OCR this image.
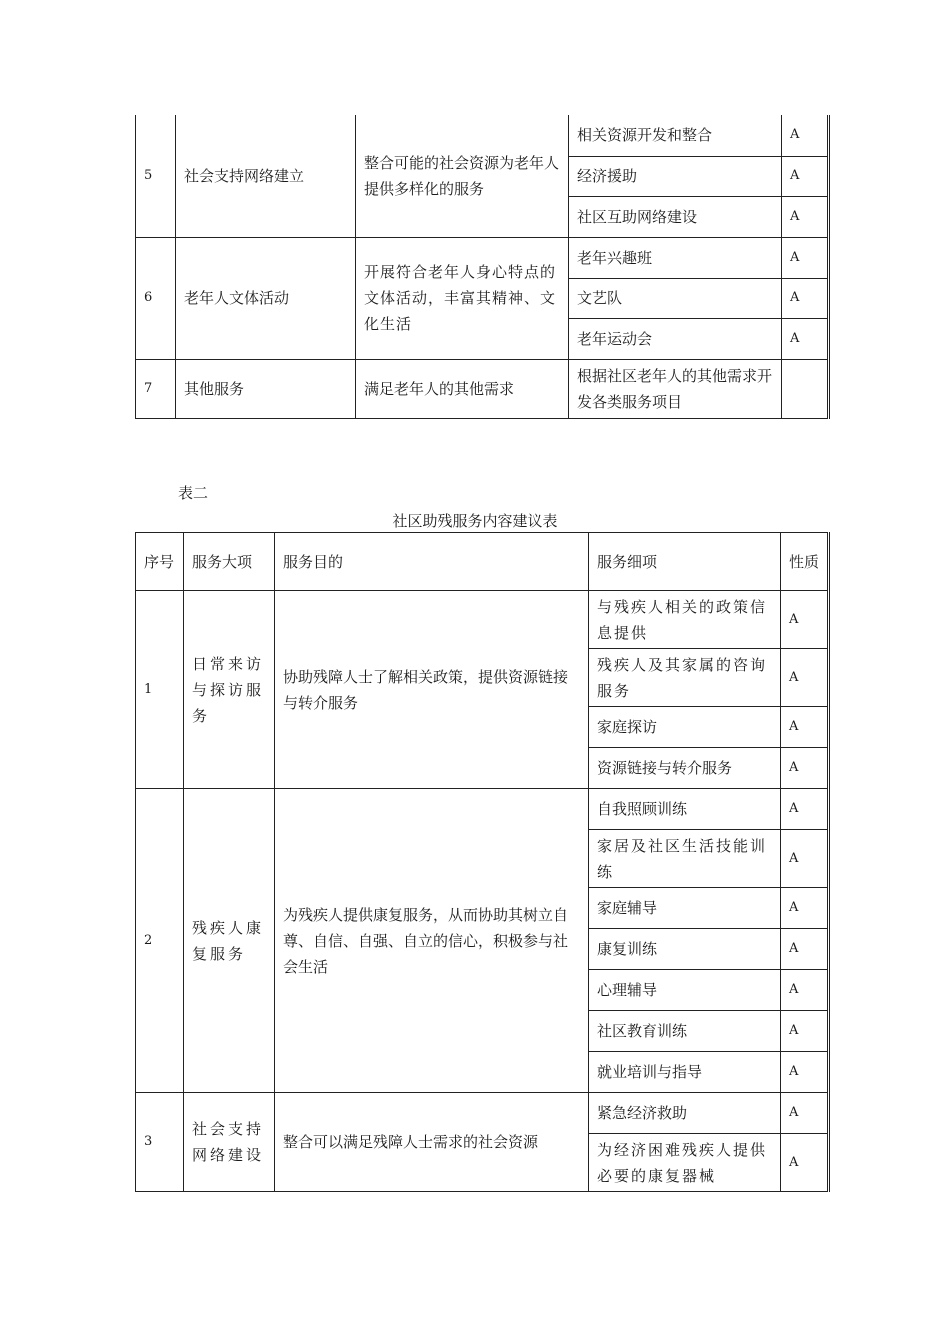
5	社会支持网络建立	整合可能的社会资源为老年人提供多样化的服务	相关资源开发和整合	A
			经济援助	A
			社区互助网络建设	A
6	老年人文体活动	开展符合老年人身心特点的文体活动，丰富其精神、文化生活	老年兴趣班	A
			文艺队	A
			老年运动会	A
7	其他服务	满足老年人的其他需求	根据社区老年人的其他需求开发各类服务项目	
表二
社区助残服务内容建议表
序号	服务大项	服务目的	服务细项	性质
1	日常来访与探访服务	协助残障人士了解相关政策，提供资源链接与转介服务	与残疾人相关的政策信息提供	A
			残疾人及其家属的咨询服务	A
			家庭探访	A
			资源链接与转介服务	A
2	残疾人康复服务	为残疾人提供康复服务，从而协助其树立自尊、自信、自强、自立的信心，积极参与社会生活	自我照顾训练	A
			家居及社区生活技能训练	A
			家庭辅导	A
			康复训练	A
			心理辅导	A
			社区教育训练	A
			就业培训与指导	A
3	社会支持网络建设	整合可以满足残障人士需求的社会资源	紧急经济救助	A
			为经济困难残疾人提供必要的康复器械	A
